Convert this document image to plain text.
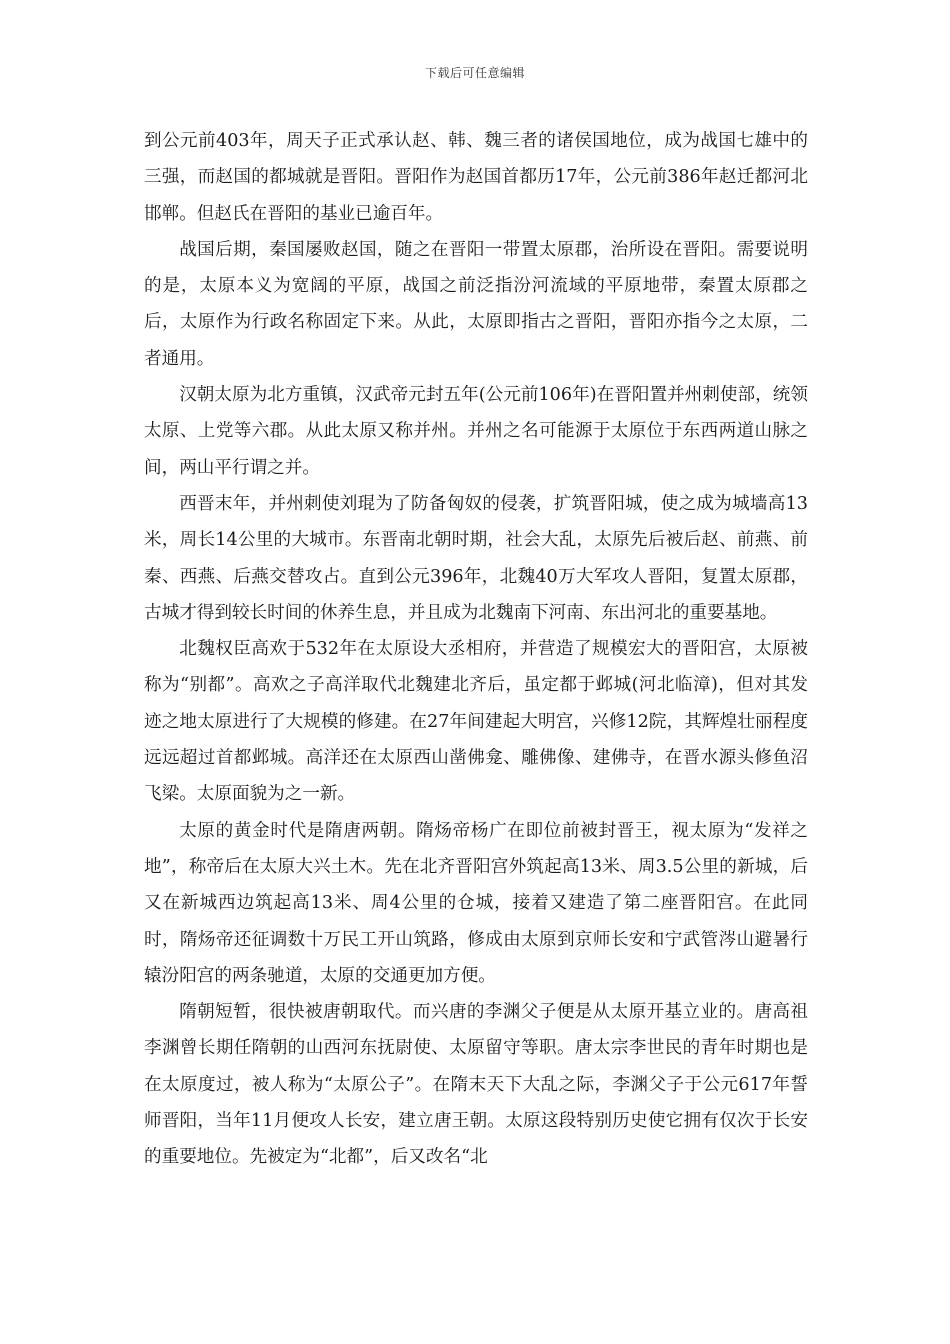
下载后可任意编辑

到公元前403年，周天子正式承认赵、韩、魏三者的诸侯国地位，成为战国七雄中的三强，而赵国的都城就是晋阳。晋阳作为赵国首都历17年，公元前386年赵迁都河北邯郸。但赵氏在晋阳的基业已逾百年。

战国后期，秦国屡败赵国，随之在晋阳一带置太原郡，治所设在晋阳。需要说明的是，太原本义为宽阔的平原，战国之前泛指汾河流域的平原地带，秦置太原郡之后，太原作为行政名称固定下来。从此，太原即指古之晋阳，晋阳亦指今之太原，二者通用。

汉朝太原为北方重镇，汉武帝元封五年(公元前106年)在晋阳置并州刺使部，统领太原、上党等六郡。从此太原又称并州。并州之名可能源于太原位于东西两道山脉之间，两山平行谓之并。

西晋末年，并州刺使刘琨为了防备匈奴的侵袭，扩筑晋阳城，使之成为城墙高13米，周长14公里的大城市。东晋南北朝时期，社会大乱，太原先后被后赵、前燕、前秦、西燕、后燕交替攻占。直到公元396年，北魏40万大军攻人晋阳，复置太原郡，古城才得到较长时间的休养生息，并且成为北魏南下河南、东出河北的重要基地。

北魏权臣高欢于532年在太原设大丞相府，并营造了规模宏大的晋阳宫，太原被称为“别都”。高欢之子高洋取代北魏建北齐后，虽定都于邺城(河北临漳)，但对其发迹之地太原进行了大规模的修建。在27年间建起大明宫，兴修12院，其辉煌壮丽程度远远超过首都邺城。高洋还在太原西山凿佛龛、雕佛像、建佛寺，在晋水源头修鱼沼飞梁。太原面貌为之一新。

太原的黄金时代是隋唐两朝。隋炀帝杨广在即位前被封晋王，视太原为“发祥之地”，称帝后在太原大兴土木。先在北齐晋阳宫外筑起高13米、周3.5公里的新城，后又在新城西边筑起高13米、周4公里的仓城，接着又建造了第二座晋阳宫。在此同时，隋炀帝还征调数十万民工开山筑路，修成由太原到京师长安和宁武管涔山避暑行辕汾阳宫的两条驰道，太原的交通更加方便。

隋朝短暂，很快被唐朝取代。而兴唐的李渊父子便是从太原开基立业的。唐高祖李渊曾长期任隋朝的山西河东抚尉使、太原留守等职。唐太宗李世民的青年时期也是在太原度过，被人称为“太原公子”。在隋末天下大乱之际，李渊父子于公元617年誓师晋阳，当年11月便攻人长安，建立唐王朝。太原这段特别历史使它拥有仅次于长安的重要地位。先被定为“北都”，后又改名“北
